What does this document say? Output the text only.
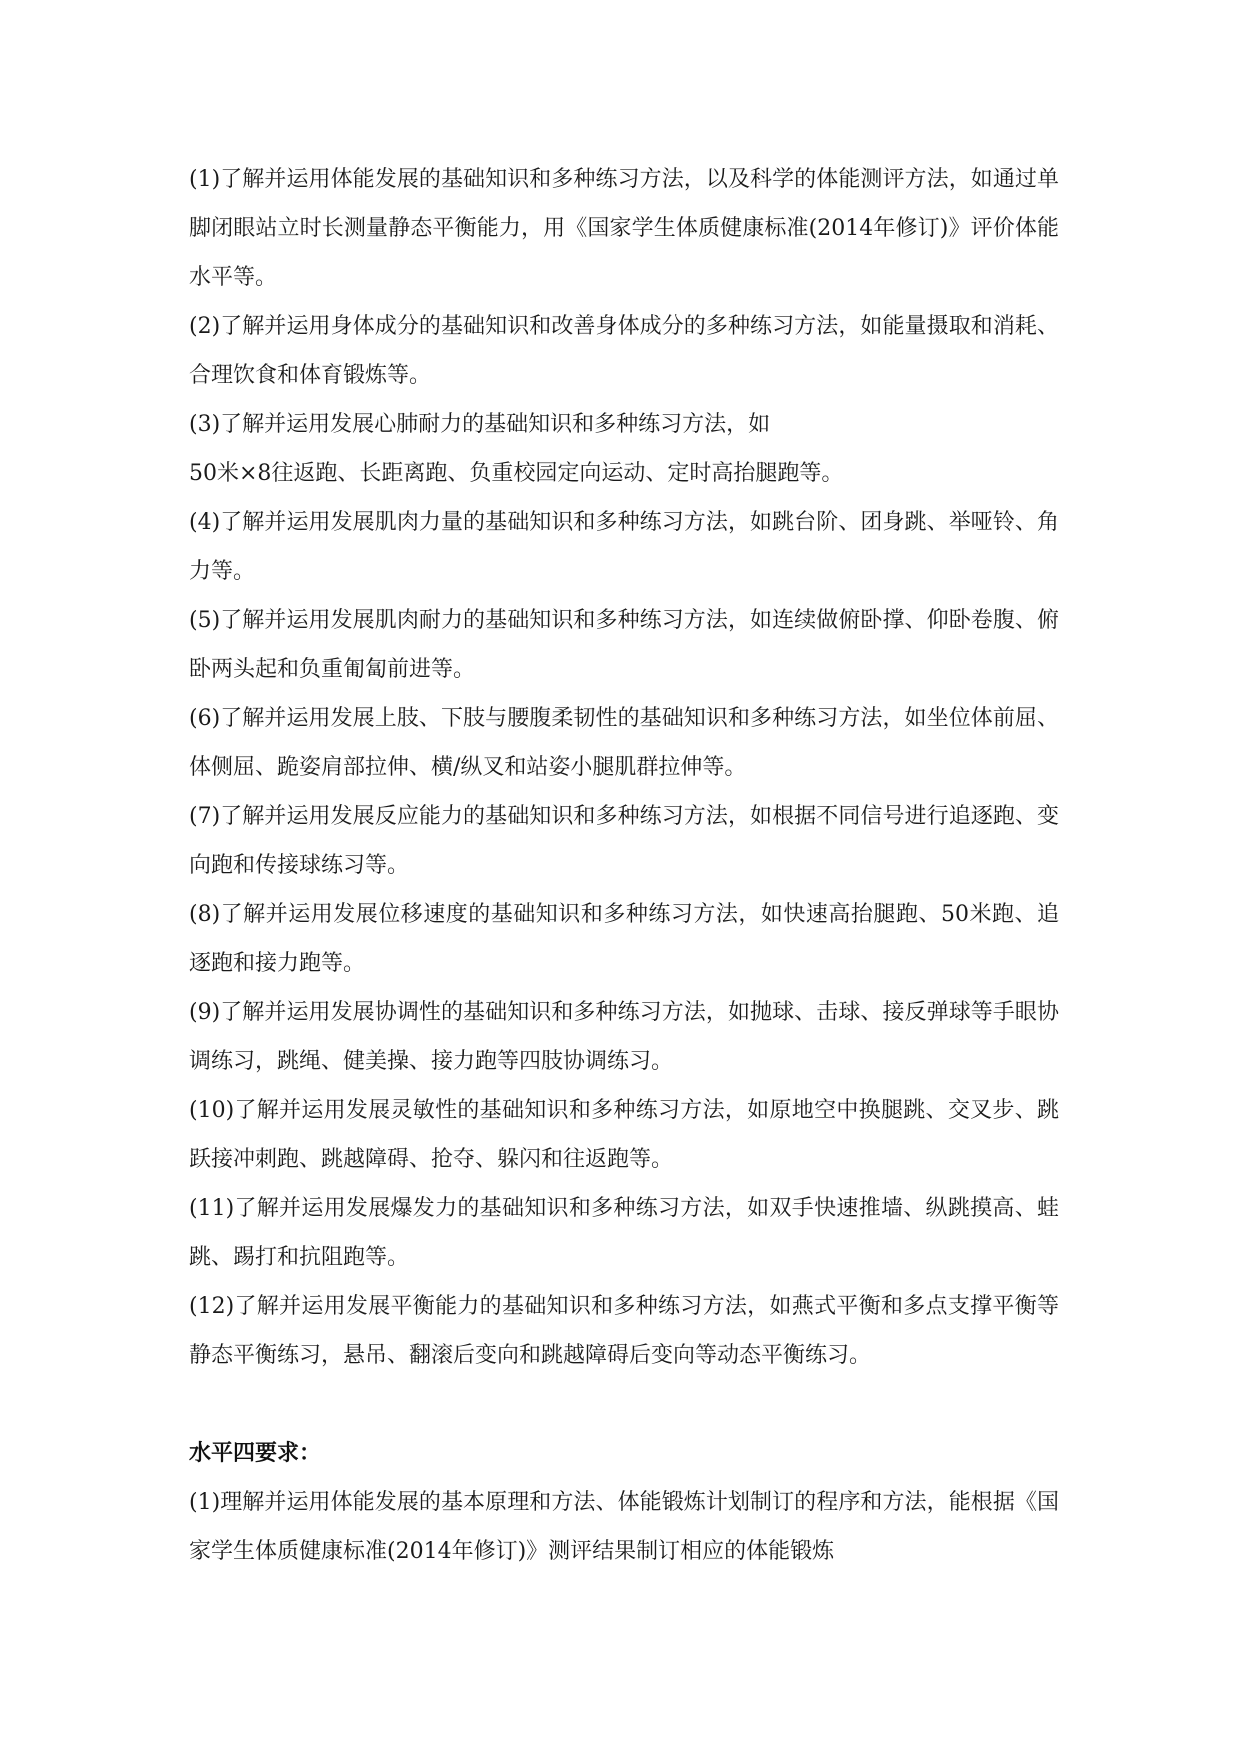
(1)了解并运用体能发展的基础知识和多种练习方法，以及科学的体能测评方法，如通过单脚闭眼站立时长测量静态平衡能力，用《国家学生体质健康标准(2014年修订)》评价体能水平等。

(2)了解并运用身体成分的基础知识和改善身体成分的多种练习方法，如能量摄取和消耗、合理饮食和体育锻炼等。

(3)了解并运用发展心肺耐力的基础知识和多种练习方法，如

50米×8往返跑、长距离跑、负重校园定向运动、定时高抬腿跑等。

(4)了解并运用发展肌肉力量的基础知识和多种练习方法，如跳台阶、团身跳、举哑铃、角力等。

(5)了解并运用发展肌肉耐力的基础知识和多种练习方法，如连续做俯卧撑、仰卧卷腹、俯卧两头起和负重匍匐前进等。

(6)了解并运用发展上肢、下肢与腰腹柔韧性的基础知识和多种练习方法，如坐位体前屈、体侧屈、跪姿肩部拉伸、横/纵叉和站姿小腿肌群拉伸等。

(7)了解并运用发展反应能力的基础知识和多种练习方法，如根据不同信号进行追逐跑、变向跑和传接球练习等。

(8)了解并运用发展位移速度的基础知识和多种练习方法，如快速高抬腿跑、50米跑、追逐跑和接力跑等。

(9)了解并运用发展协调性的基础知识和多种练习方法，如抛球、击球、接反弹球等手眼协调练习，跳绳、健美操、接力跑等四肢协调练习。

(10)了解并运用发展灵敏性的基础知识和多种练习方法，如原地空中换腿跳、交叉步、跳跃接冲刺跑、跳越障碍、抢夺、躲闪和往返跑等。

(11)了解并运用发展爆发力的基础知识和多种练习方法，如双手快速推墙、纵跳摸高、蛙跳、踢打和抗阻跑等。

(12)了解并运用发展平衡能力的基础知识和多种练习方法，如燕式平衡和多点支撑平衡等静态平衡练习，悬吊、翻滚后变向和跳越障碍后变向等动态平衡练习。

水平四要求：

(1)理解并运用体能发展的基本原理和方法、体能锻炼计划制订的程序和方法，能根据《国家学生体质健康标准(2014年修订)》测评结果制订相应的体能锻炼
